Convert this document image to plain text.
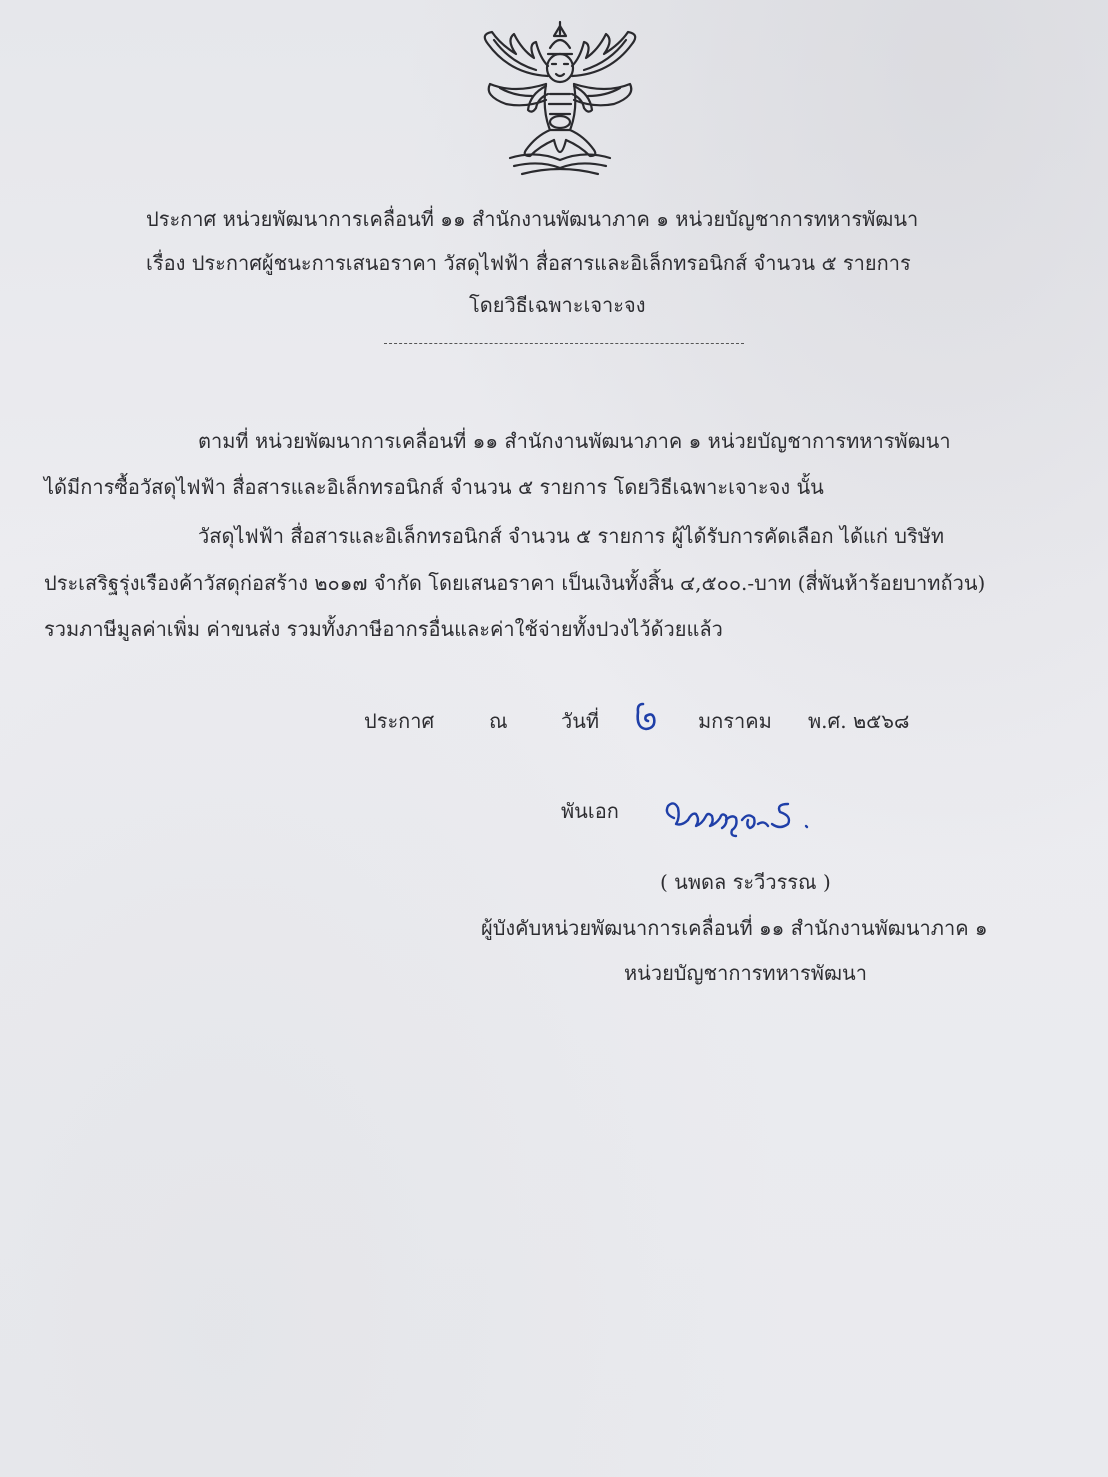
ประกาศ หน่วยพัฒนาการเคลื่อนที่ ๑๑ สำนักงานพัฒนาภาค ๑ หน่วยบัญชาการทหารพัฒนา
เรื่อง ประกาศผู้ชนะการเสนอราคา วัสดุไฟฟ้า สื่อสารและอิเล็กทรอนิกส์ จำนวน ๕ รายการ
โดยวิธีเฉพาะเจาะจง
ตามที่ หน่วยพัฒนาการเคลื่อนที่ ๑๑ สำนักงานพัฒนาภาค ๑ หน่วยบัญชาการทหารพัฒนา
ได้มีการซื้อวัสดุไฟฟ้า สื่อสารและอิเล็กทรอนิกส์ จำนวน ๕ รายการ โดยวิธีเฉพาะเจาะจง นั้น
วัสดุไฟฟ้า สื่อสารและอิเล็กทรอนิกส์ จำนวน ๕ รายการ ผู้ได้รับการคัดเลือก ได้แก่ บริษัท
ประเสริฐรุ่งเรืองค้าวัสดุก่อสร้าง ๒๐๑๗ จำกัด โดยเสนอราคา เป็นเงินทั้งสิ้น ๔,๕๐๐.-บาท (สี่พันห้าร้อยบาทถ้วน)
รวมภาษีมูลค่าเพิ่ม ค่าขนส่ง รวมทั้งภาษีอากรอื่นและค่าใช้จ่ายทั้งปวงไว้ด้วยแล้ว
ประกาศ	ณ	วันที่	มกราคม พ.ศ. ๒๕๖๘
พันเอก
( นพดล ระวีวรรณ )
ผู้บังคับหน่วยพัฒนาการเคลื่อนที่ ๑๑ สำนักงานพัฒนาภาค ๑
หน่วยบัญชาการทหารพัฒนา
